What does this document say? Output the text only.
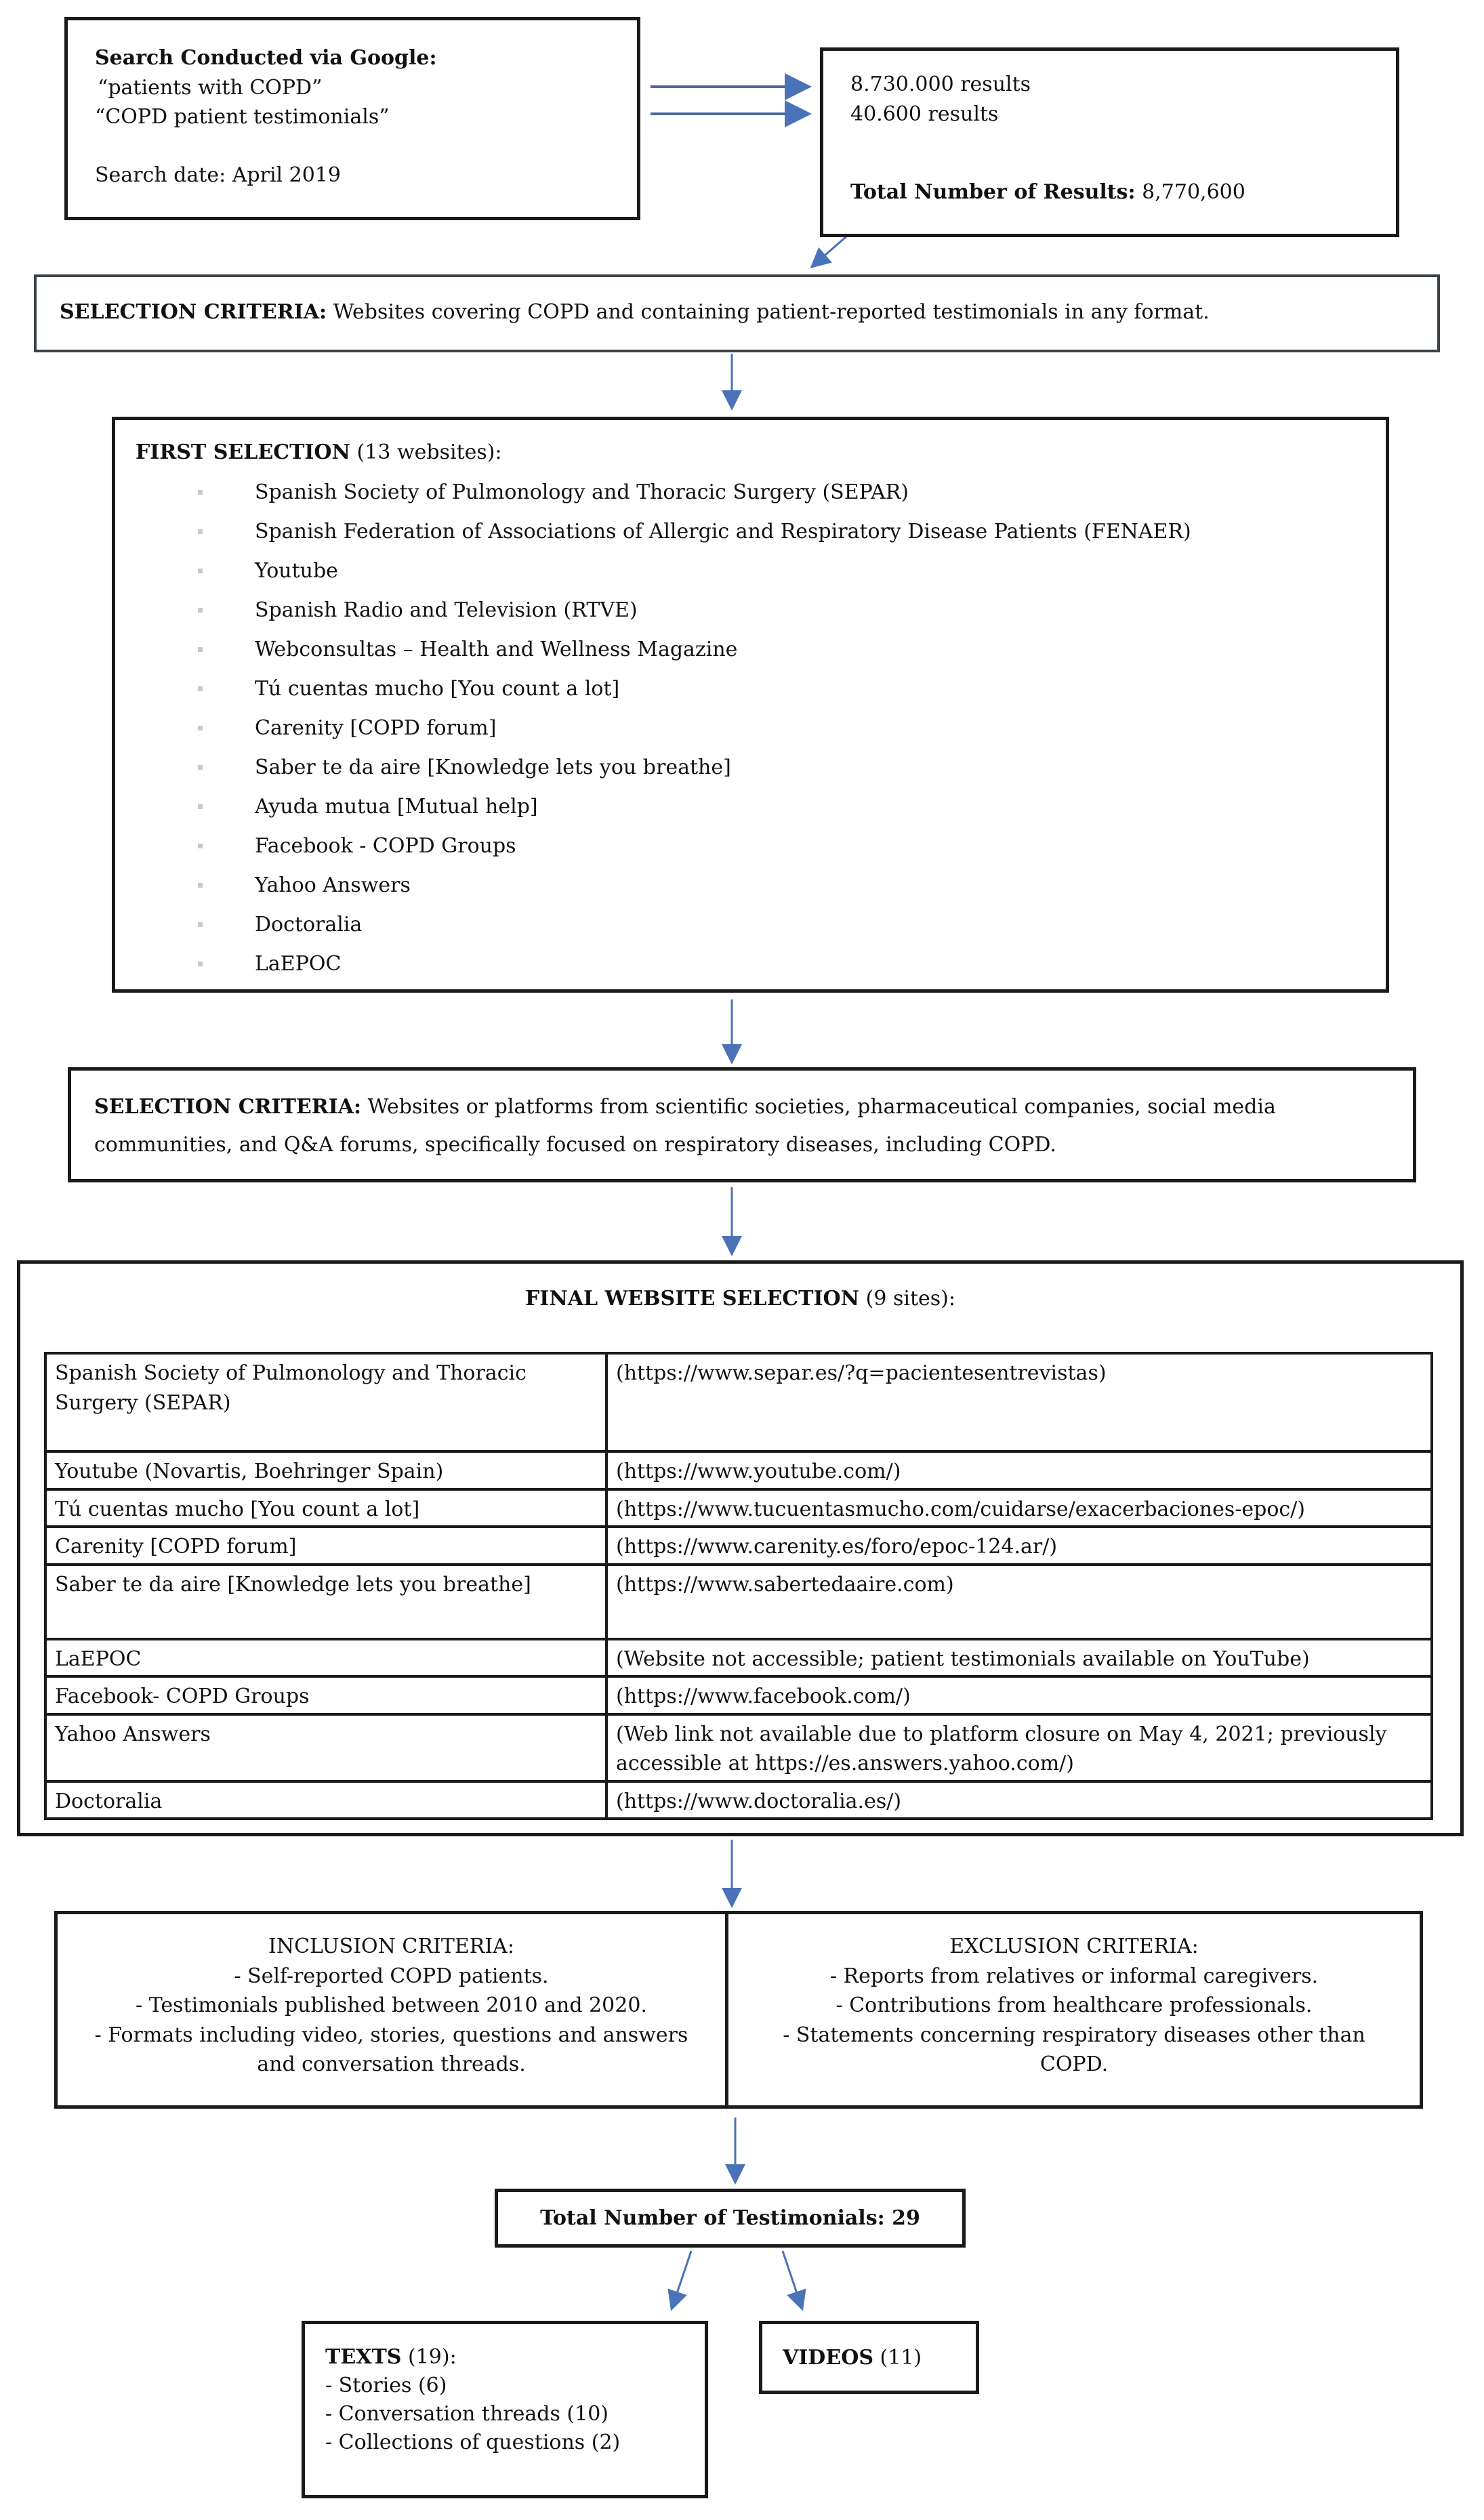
Search Conducted via Google:
“patients with COPD”
“COPD patient testimonials”
Search date: April 2019
8.730.000 results
40.600 results
Total Number of Results: 8,770,600
SELECTION CRITERIA: Websites covering COPD and containing patient-reported testimonials in any format.
FIRST SELECTION (13 websites):
Spanish Society of Pulmonology and Thoracic Surgery (SEPAR)
Spanish Federation of Associations of Allergic and Respiratory Disease Patients (FENAER)
Youtube
Spanish Radio and Television (RTVE)
Webconsultas – Health and Wellness Magazine
Tú cuentas mucho [You count a lot]
Carenity [COPD forum]
Saber te da aire [Knowledge lets you breathe]
Ayuda mutua [Mutual help]
Facebook - COPD Groups
Yahoo Answers
Doctoralia
LaEPOC
SELECTION CRITERIA: Websites or platforms from scientific societies, pharmaceutical companies, social media communities, and Q&A forums, specifically focused on respiratory diseases, including COPD.
FINAL WEBSITE SELECTION (9 sites):
Spanish Society of Pulmonology and Thoracic Surgery (SEPAR)	(https://www.separ.es/?q=pacientesentrevistas)
Youtube (Novartis, Boehringer Spain)	(https://www.youtube.com/)
Tú cuentas mucho [You count a lot]	(https://www.tucuentasmucho.com/cuidarse/exacerbaciones-epoc/)
Carenity [COPD forum]	(https://www.carenity.es/foro/epoc-124.ar/)
Saber te da aire [Knowledge lets you breathe]	(https://www.sabertedaaire.com)
LaEPOC	(Website not accessible; patient testimonials available on YouTube)
Facebook- COPD Groups	(https://www.facebook.com/)
Yahoo Answers	(Web link not available due to platform closure on May 4, 2021; previously accessible at https://es.answers.yahoo.com/)
Doctoralia	(https://www.doctoralia.es/)
INCLUSION CRITERIA:
- Self-reported COPD patients.
- Testimonials published between 2010 and 2020.
- Formats including video, stories, questions and answers and conversation threads.
EXCLUSION CRITERIA:
- Reports from relatives or informal caregivers.
- Contributions from healthcare professionals.
- Statements concerning respiratory diseases other than COPD.
Total Number of Testimonials:
29
TEXTS (19):
- Stories (6)
- Conversation threads (10)
- Collections of questions (2)
VIDEOS (11)
